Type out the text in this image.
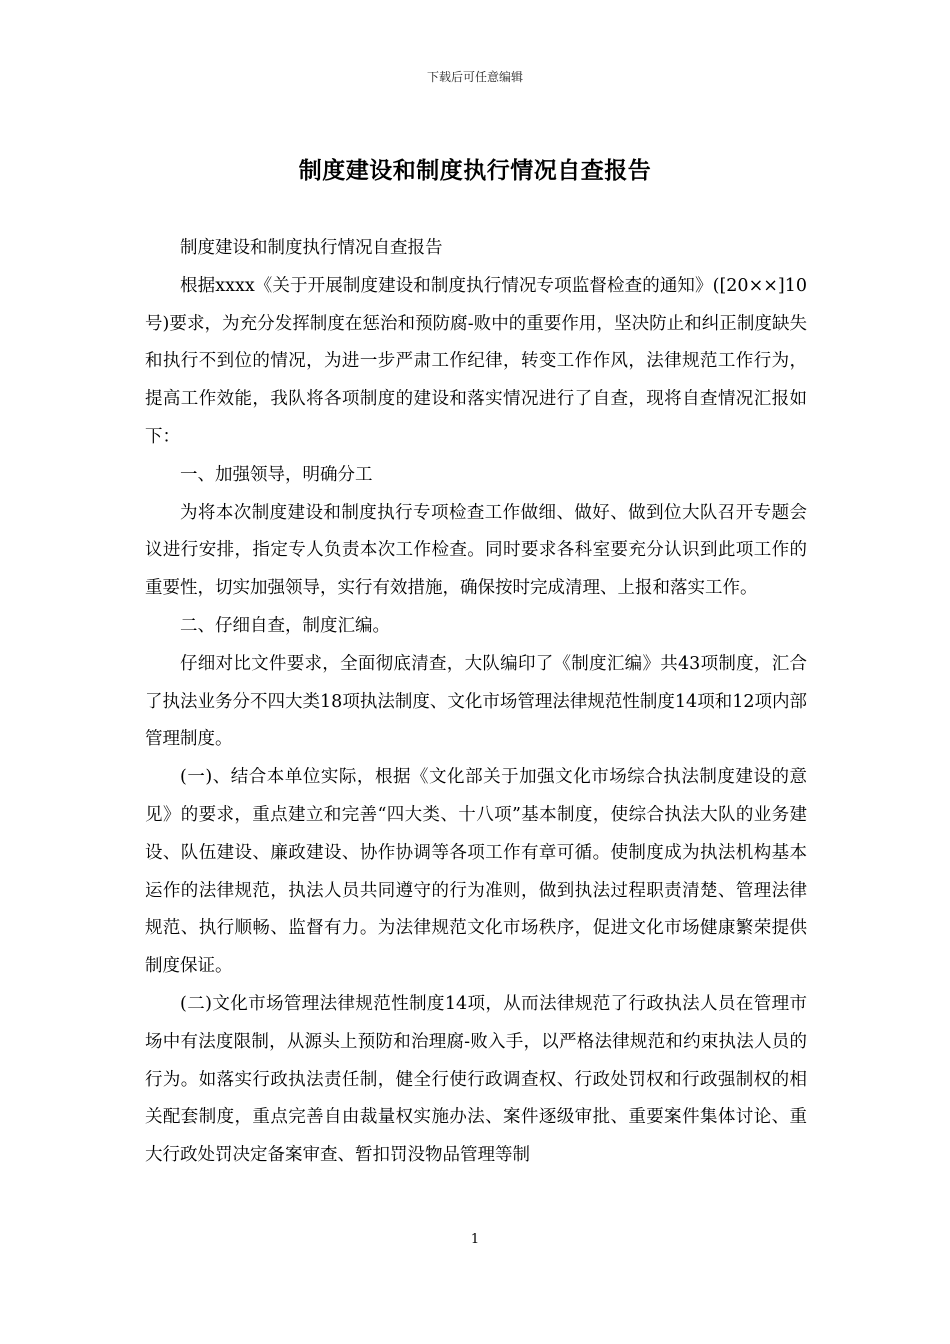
下载后可任意编辑
制度建设和制度执行情况自查报告

制度建设和制度执行情况自查报告

根据xxxx《关于开展制度建设和制度执行情况专项监督检查的通知》([20××]10号)要求，为充分发挥制度在惩治和预防腐-败中的重要作用，坚决防止和纠正制度缺失和执行不到位的情况，为进一步严肃工作纪律，转变工作作风，法律规范工作行为，提高工作效能，我队将各项制度的建设和落实情况进行了自查，现将自查情况汇报如下：

一、加强领导，明确分工

为将本次制度建设和制度执行专项检查工作做细、做好、做到位大队召开专题会议进行安排，指定专人负责本次工作检查。同时要求各科室要充分认识到此项工作的重要性，切实加强领导，实行有效措施，确保按时完成清理、上报和落实工作。

二、仔细自查，制度汇编。

仔细对比文件要求，全面彻底清查，大队编印了《制度汇编》共43项制度，汇合了执法业务分不四大类18项执法制度、文化市场管理法律规范性制度14项和12项内部管理制度。

(一)、结合本单位实际，根据《文化部关于加强文化市场综合执法制度建设的意见》的要求，重点建立和完善“四大类、十八项”基本制度，使综合执法大队的业务建设、队伍建设、廉政建设、协作协调等各项工作有章可循。使制度成为执法机构基本运作的法律规范，执法人员共同遵守的行为准则，做到执法过程职责清楚、管理法律规范、执行顺畅、监督有力。为法律规范文化市场秩序，促进文化市场健康繁荣提供制度保证。

(二)文化市场管理法律规范性制度14项，从而法律规范了行政执法人员在管理市场中有法度限制，从源头上预防和治理腐-败入手，以严格法律规范和约束执法人员的行为。如落实行政执法责任制，健全行使行政调查权、行政处罚权和行政强制权的相关配套制度，重点完善自由裁量权实施办法、案件逐级审批、重要案件集体讨论、重大行政处罚决定备案审查、暂扣罚没物品管理等制

1
